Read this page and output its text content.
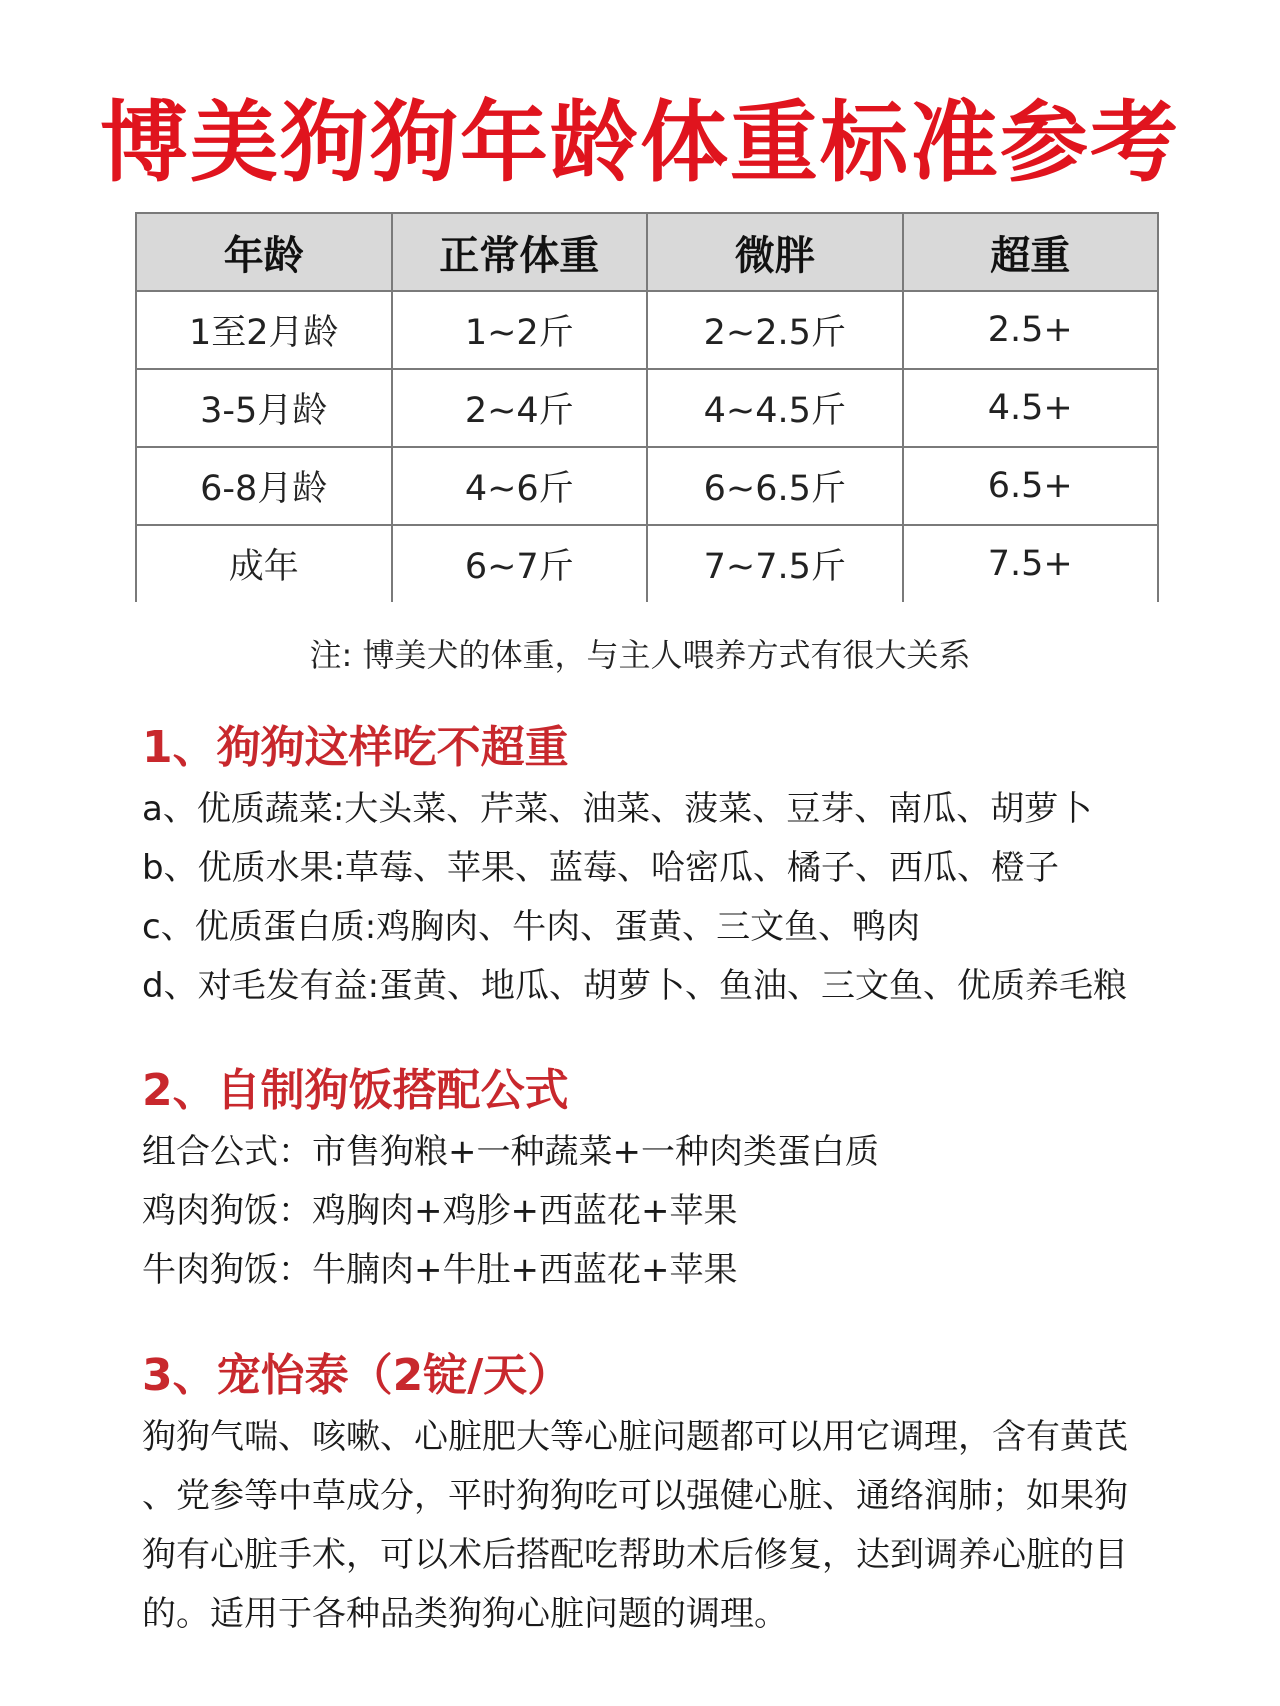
博美狗狗年龄体重标准参考
年龄	正常体重	微胖	超重
1至2月龄	1~2斤	2~2.5斤	2.5+
3-5月龄	2~4斤	4~4.5斤	4.5+
6-8月龄	4~6斤	6~6.5斤	6.5+
成年	6~7斤	7~7.5斤	7.5+
注: 博美犬的体重，与主人喂养方式有很大关系
1、狗狗这样吃不超重
a、优质蔬菜:大头菜、芹菜、油菜、菠菜、豆芽、南瓜、胡萝卜
b、优质水果:草莓、苹果、蓝莓、哈密瓜、橘子、西瓜、橙子
c、优质蛋白质:鸡胸肉、牛肉、蛋黄、三文鱼、鸭肉
d、对毛发有益:蛋黄、地瓜、胡萝卜、鱼油、三文鱼、优质养毛粮
2、自制狗饭搭配公式
组合公式：市售狗粮+一种蔬菜+一种肉类蛋白质
鸡肉狗饭：鸡胸肉+鸡胗+西蓝花+苹果
牛肉狗饭：牛腩肉+牛肚+西蓝花+苹果
3、宠怡泰（2锭/天）
狗狗气喘、咳嗽、心脏肥大等心脏问题都可以用它调理，含有黄芪
、党参等中草成分，平时狗狗吃可以强健心脏、通络润肺；如果狗
狗有心脏手术，可以术后搭配吃帮助术后修复，达到调养心脏的目
的。适用于各种品类狗狗心脏问题的调理。
